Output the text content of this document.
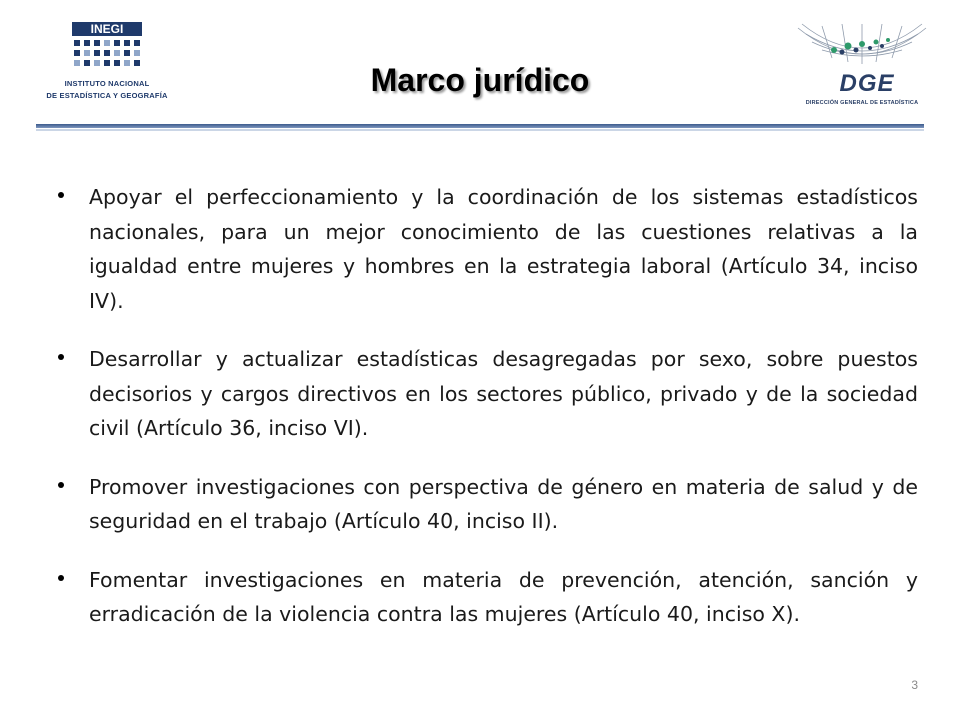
INEGI
INSTITUTO NACIONAL
DE ESTADÍSTICA Y GEOGRAFÍA	Marco jurídico	DGE
DIRECCIÓN GENERAL DE ESTADÍSTICA
Apoyar el perfeccionamiento y la coordinación de los sistemas estadísticos nacionales, para un mejor conocimiento de las cuestiones relativas a la igualdad entre mujeres y hombres en la estrategia laboral (Artículo 34, inciso IV).
Desarrollar y actualizar estadísticas desagregadas por sexo, sobre puestos decisorios y cargos directivos en los sectores público, privado y de la sociedad civil (Artículo 36, inciso VI).
Promover investigaciones con perspectiva de género en materia de salud y de seguridad en el trabajo (Artículo 40, inciso II).
Fomentar investigaciones en materia de prevención, atención, sanción y erradicación de la violencia contra las mujeres (Artículo 40, inciso X).
3
